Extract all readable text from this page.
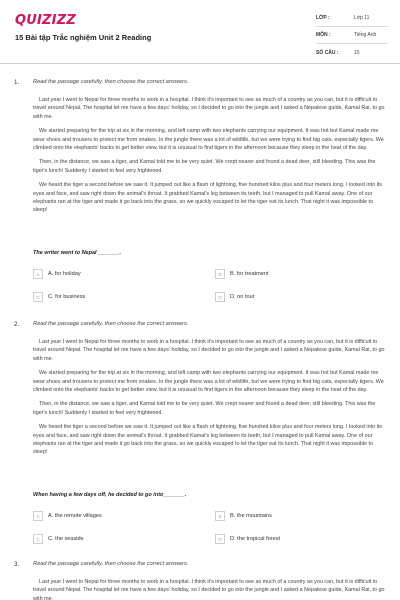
QUIZIZZ
15 Bài tập Trắc nghiệm Unit 2 Reading
LỚP :	Lớp 11
MÔN :	Tiếng Anh
SỐ CÂU :	15
1. Read the passage carefully, then choose the correct answers.

Last year I went to Nepal for three months to work in a hospital. I think it's important to see as much of a country as you can, but it is difficult to travel around Nepal. The hospital let me have a few days' holiday, so I decided to go into the jungle and I asked a Nepalese guide, Kamal Rai, to go with me.

We started preparing for the trip at six in the morning, and left camp with two elephants carrying our equipment. It was hot but Kamal made me wear shoes and trousers to protect me from snakes. In the jungle there was a lot of wildlife, but we were trying to find big cats, especially tigers. We climbed onto the elephants' backs to get better view, but it is unusual to find tigers in the afternoon because they sleep in the heat of the day.

Then, in the distance, we saw a tiger, and Kamal told me to be very quiet. We crept nearer and found a dead deer, still bleeding. This was the tiger's lunch! Suddenly I started to feel very frightened.

We heard the tiger a second before we saw it. It jumped out like a flash of lightning, five hundred kilos plus and four meters long. I looked into its eyes and face, and saw right down the animal's throat. It grabbed Kamal's leg between its teeth, but I managed to pull Kamal away. One of our elephants ran at the tiger and made it go back into the grass, so we quickly escaped to let the tiger eat its lunch. That night it was impossible to sleep!

The writer went to Nepal _______.
A	A. for holiday	B	B. for treatment
C	C. for business	D	D. on tour
2. Read the passage carefully, then choose the correct answers.

Last year I went to Nepal for three months to work in a hospital. I think it's important to see as much of a country as you can, but it is difficult to travel around Nepal. The hospital let me have a few days' holiday, so I decided to go into the jungle and I asked a Nepalese guide, Kamal Rai, to go with me.

We started preparing for the trip at six in the morning, and left camp with two elephants carrying our equipment. It was hot but Kamal made me wear shoes and trousers to protect me from snakes. In the jungle there was a lot of wildlife, but we were trying to find big cats, especially tigers. We climbed onto the elephants' backs to get better view, but it is unusual to find tigers in the afternoon because they sleep in the heat of the day.

Then, in the distance, we saw a tiger, and Kamal told me to be very quiet. We crept nearer and found a dead deer, still bleeding. This was the tiger's lunch! Suddenly I started to feel very frightened.

We heard the tiger a second before we saw it. It jumped out like a flash of lightning, five hundred kilos plus and four meters long. I looked into its eyes and face, and saw right down the animal's throat. It grabbed Kamal's leg between its teeth, but I managed to pull Kamal away. One of our elephants ran at the tiger and made it go back into the grass, so we quickly escaped to let the tiger eat its lunch. That night it was impossible to sleep!

When having a few days off, he decided to go into_______.
A	A. the remote villages	B	B. the mountains
C	C. the seaside	D	D. the tropical forest
3. Read the passage carefully, then choose the correct answers.

Last year I went to Nepal for three months to work in a hospital. I think it's important to see as much of a country as you can, but it is difficult to travel around Nepal. The hospital let me have a few days' holiday, so I decided to go into the jungle and I asked a Nepalese guide, Kamal Rai, to go with me.
